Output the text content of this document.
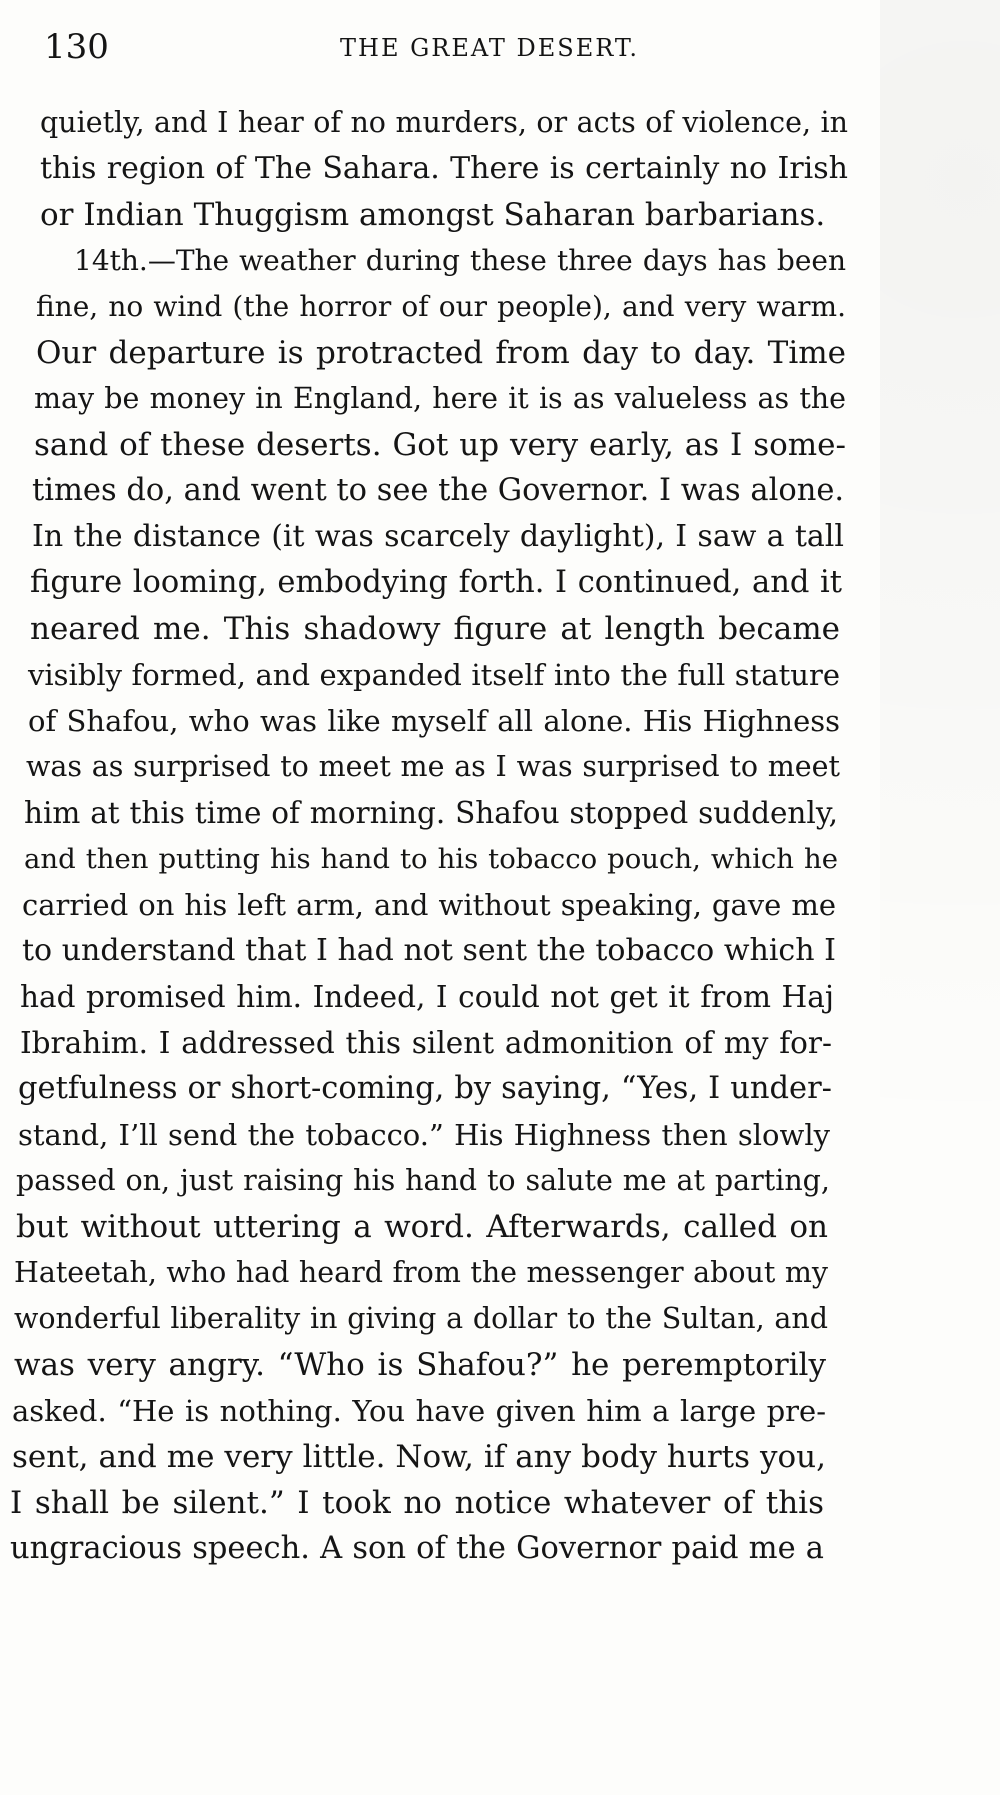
130	THE GREAT DESERT.
quietly, and I hear of no murders, or acts of violence, in
this region of The Sahara. There is certainly no Irish
or Indian Thuggism amongst Saharan barbarians.
14th.—The weather during these three days has been
fine, no wind (the horror of our people), and very warm.
Our departure is protracted from day to day. Time
may be money in England, here it is as valueless as the
sand of these deserts. Got up very early, as I some-
times do, and went to see the Governor. I was alone.
In the distance (it was scarcely daylight), I saw a tall
figure looming, embodying forth. I continued, and it
neared me. This shadowy figure at length became
visibly formed, and expanded itself into the full stature
of Shafou, who was like myself all alone. His Highness
was as surprised to meet me as I was surprised to meet
him at this time of morning. Shafou stopped suddenly,
and then putting his hand to his tobacco pouch, which he
carried on his left arm, and without speaking, gave me
to understand that I had not sent the tobacco which I
had promised him. Indeed, I could not get it from Haj
Ibrahim. I addressed this silent admonition of my for-
getfulness or short-coming, by saying, “Yes, I under-
stand, I’ll send the tobacco.” His Highness then slowly
passed on, just raising his hand to salute me at parting,
but without uttering a word. Afterwards, called on
Hateetah, who had heard from the messenger about my
wonderful liberality in giving a dollar to the Sultan, and
was very angry. “Who is Shafou?” he peremptorily
asked. “He is nothing. You have given him a large pre-
sent, and me very little. Now, if any body hurts you,
I shall be silent.” I took no notice whatever of this
ungracious speech. A son of the Governor paid me a
